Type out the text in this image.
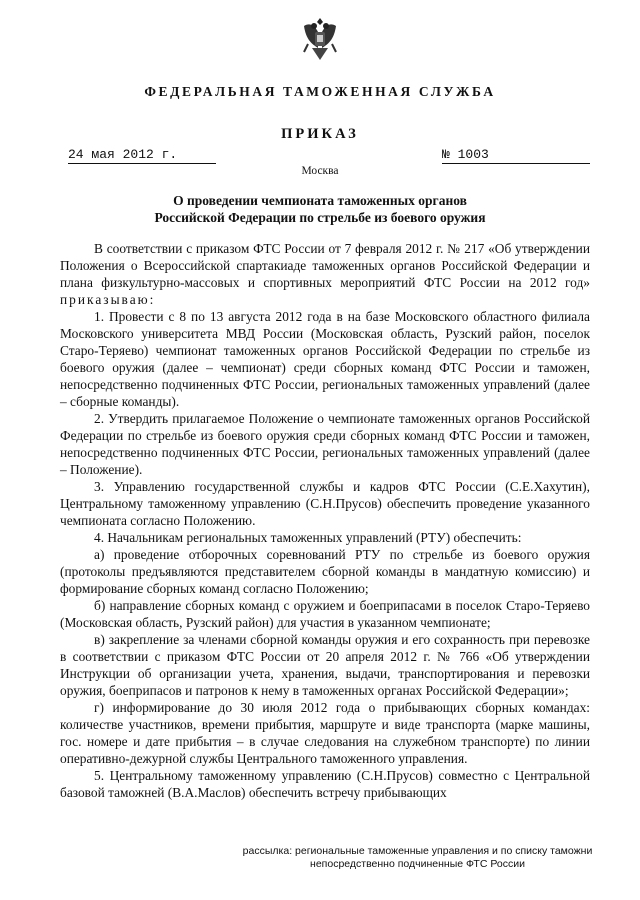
ФЕДЕРАЛЬНАЯ ТАМОЖЕННАЯ СЛУЖБА
ПРИКАЗ
24 мая 2012 г.	№ 1003
Москва
О проведении чемпионата таможенных органов
Российской Федерации по стрельбе из боевого оружия

В соответствии с приказом ФТС России от 7 февраля 2012 г. № 217 «Об утверждении Положения о Всероссийской спартакиаде таможенных органов Российской Федерации и плана физкультурно-массовых и спортивных мероприятий ФТС России на 2012 год» приказываю:

1. Провести с 8 по 13 августа 2012 года в на базе Московского областного филиала Московского университета МВД России (Московская область, Рузский район, поселок Старо-Теряево) чемпионат таможенных органов Российской Федерации по стрельбе из боевого оружия (далее – чемпионат) среди сборных команд ФТС России и таможен, непосредственно подчиненных ФТС России, региональных таможенных управлений (далее – сборные команды).

2. Утвердить прилагаемое Положение о чемпионате таможенных органов Российской Федерации по стрельбе из боевого оружия среди сборных команд ФТС России и таможен, непосредственно подчиненных ФТС России, региональных таможенных управлений (далее – Положение).

3. Управлению государственной службы и кадров ФТС России (С.Е.Хахутин), Центральному таможенному управлению (С.Н.Прусов) обеспечить проведение указанного чемпионата согласно Положению.

4. Начальникам региональных таможенных управлений (РТУ) обеспечить:

а) проведение отборочных соревнований РТУ по стрельбе из боевого оружия (протоколы предъявляются представителем сборной команды в мандатную комиссию) и формирование сборных команд согласно Положению;

б) направление сборных команд с оружием и боеприпасами в поселок Старо-Теряево (Московская область, Рузский район) для участия в указанном чемпионате;

в) закрепление за членами сборной команды оружия и его сохранность при перевозке в соответствии с приказом ФТС России от 20 апреля 2012 г. № 766 «Об утверждении Инструкции об организации учета, хранения, выдачи, транспортирования и перевозки оружия, боеприпасов и патронов к нему в таможенных органах Российской Федерации»;

г) информирование до 30 июля 2012 года о прибывающих сборных командах: количестве участников, времени прибытия, маршруте и виде транспорта (марке машины, гос. номере и дате прибытия – в случае следования на служебном транспорте) по линии оперативно-дежурной службы Центрального таможенного управления.

5. Центральному таможенному управлению (С.Н.Прусов) совместно с Центральной базовой таможней (В.А.Маслов) обеспечить встречу прибывающих

рассылка: региональные таможенные управления и по списку таможни
непосредственно подчиненные ФТС России
